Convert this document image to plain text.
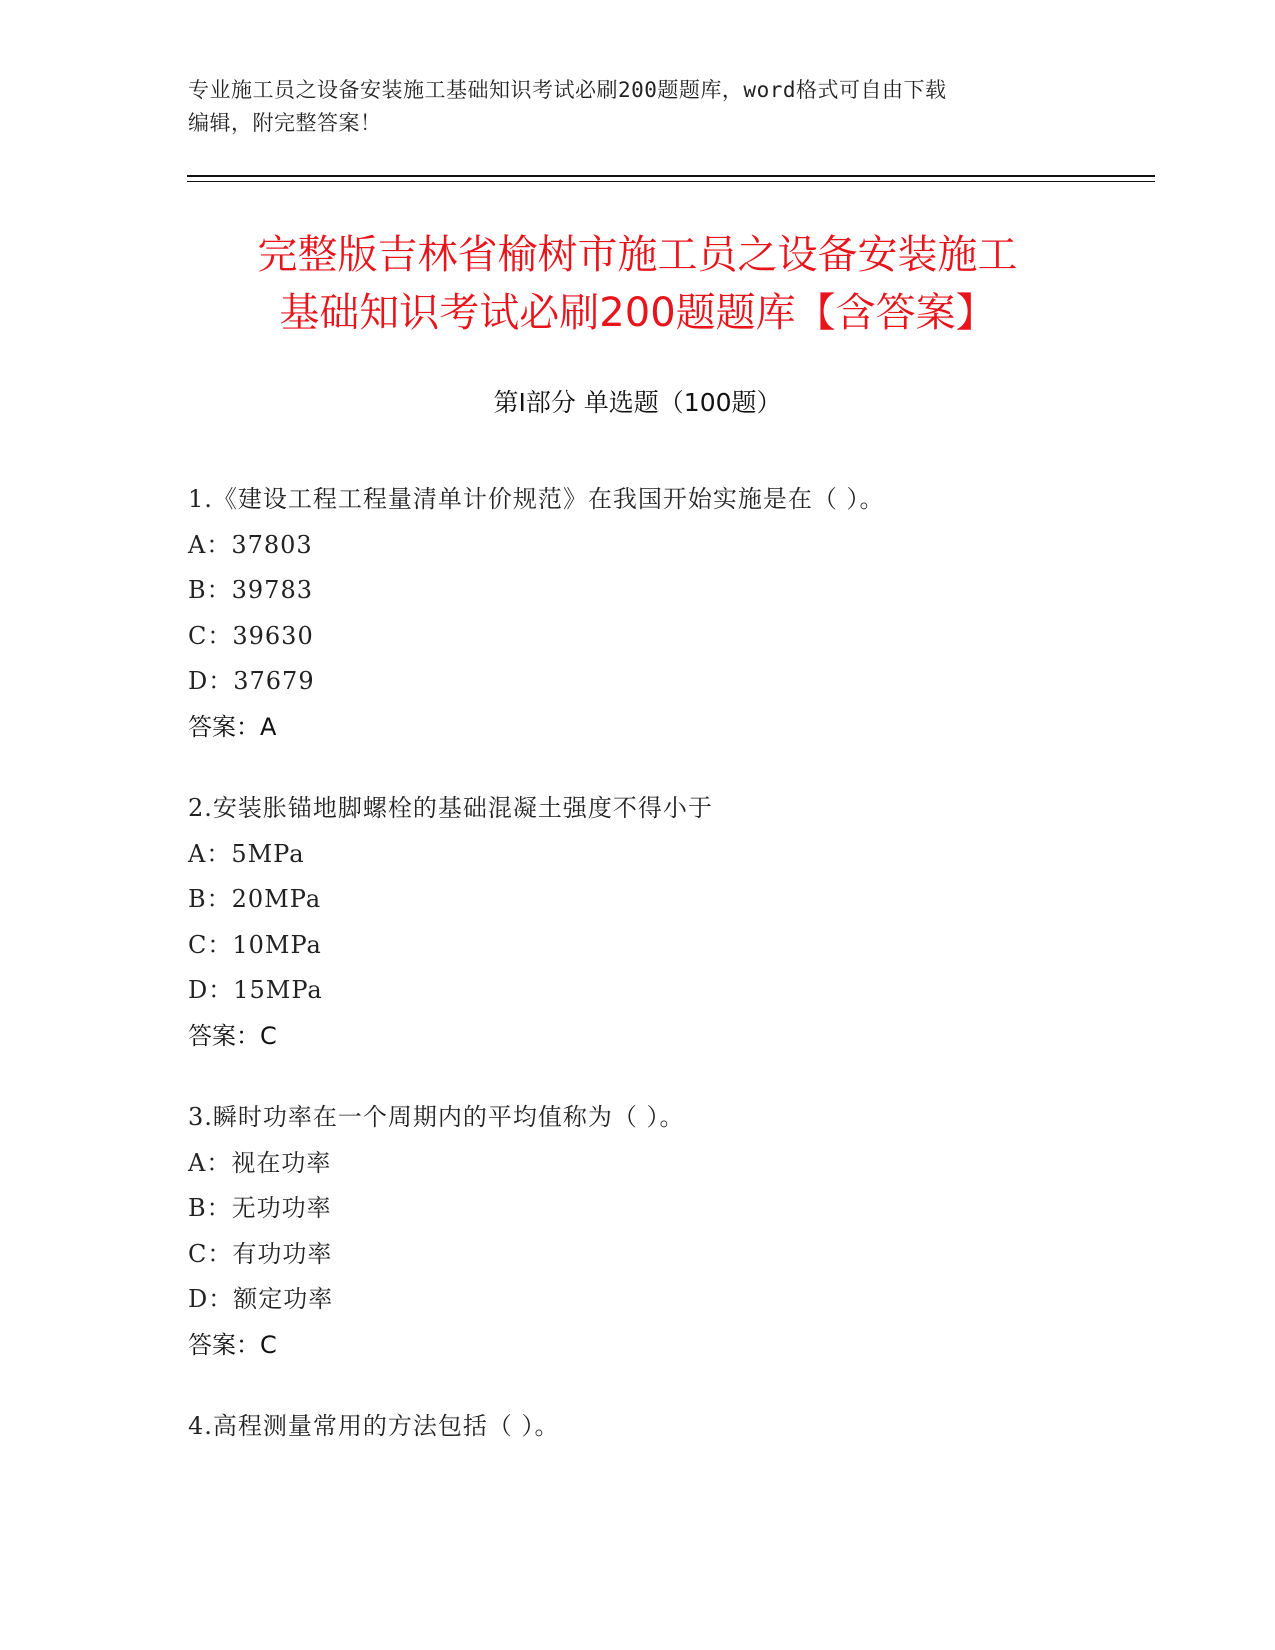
专业施工员之设备安装施工基础知识考试必刷200题题库，word格式可自由下载
编辑，附完整答案！
完整版吉林省榆树市施工员之设备安装施工
基础知识考试必刷200题题库【含答案】
第Ⅰ部分 单选题（100题）
1.《建设工程工程量清单计价规范》在我国开始实施是在（ ）。
A：37803
B：39783
C：39630
D：37679
答案：A
2.安装胀锚地脚螺栓的基础混凝土强度不得小于
A：5MPa
B：20MPa
C：10MPa
D：15MPa
答案：C
3.瞬时功率在一个周期内的平均值称为（ ）。
A：视在功率
B：无功功率
C：有功功率
D：额定功率
答案：C
4.高程测量常用的方法包括（ ）。
